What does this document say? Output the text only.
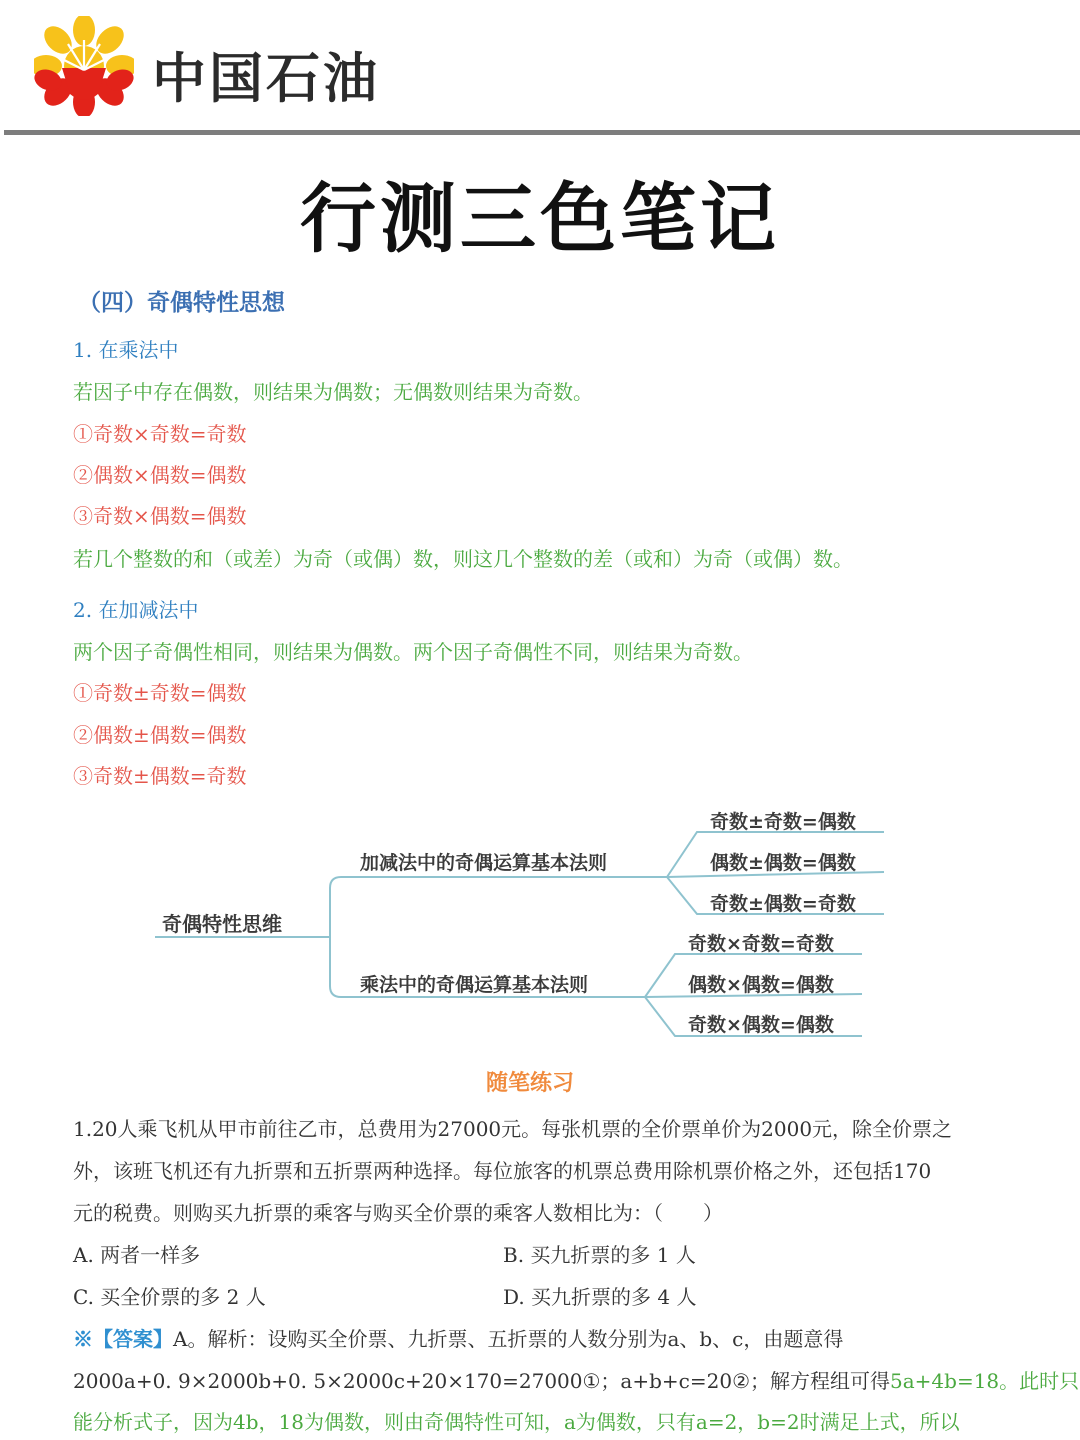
中国石油
行测三色笔记
（四）奇偶特性思想
1. 在乘法中
若因子中存在偶数，则结果为偶数；无偶数则结果为奇数。
①奇数×奇数=奇数
②偶数×偶数=偶数
③奇数×偶数=偶数
若几个整数的和（或差）为奇（或偶）数，则这几个整数的差（或和）为奇（或偶）数。
2. 在加减法中
两个因子奇偶性相同，则结果为偶数。两个因子奇偶性不同，则结果为奇数。
①奇数±奇数=偶数
②偶数±偶数=偶数
③奇数±偶数=奇数
奇偶特性思维
加减法中的奇偶运算基本法则
乘法中的奇偶运算基本法则
奇数±奇数=偶数
偶数±偶数=偶数
奇数±偶数=奇数
奇数×奇数=奇数
偶数×偶数=偶数
奇数×偶数=偶数
随笔练习
1.20人乘飞机从甲市前往乙市，总费用为27000元。每张机票的全价票单价为2000元，除全价票之
外，该班飞机还有九折票和五折票两种选择。每位旅客的机票总费用除机票价格之外，还包括170
元的税费。则购买九折票的乘客与购买全价票的乘客人数相比为：（　　）
A. 两者一样多	B. 买九折票的多 1 人
C. 买全价票的多 2 人	D. 买九折票的多 4 人
※【答案】A。解析：设购买全价票、九折票、五折票的人数分别为a、b、c，由题意得
2000a+0. 9×2000b+0. 5×2000c+20×170=27000①；a+b+c=20②；解方程组可得5a+4b=18。此时只
能分析式子，因为4b，18为偶数，则由奇偶特性可知，a为偶数，只有a=2，b=2时满足上式，所以
